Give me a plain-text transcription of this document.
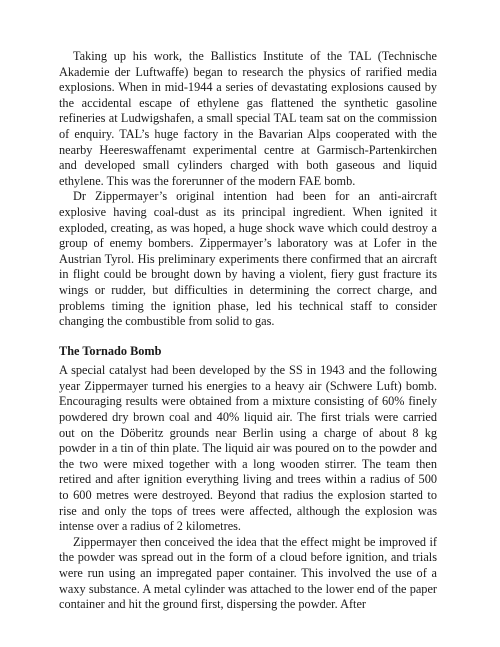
Taking up his work, the Ballistics Institute of the TAL (Technische Akademie der Luftwaffe) began to research the physics of rarified media explosions. When in mid-1944 a series of devastating explosions caused by the accidental escape of ethylene gas flattened the synthetic gasoline refineries at Ludwigshafen, a small special TAL team sat on the commission of enquiry. TAL’s huge factory in the Bavarian Alps cooperated with the nearby Heereswaffenamt experimental centre at Garmisch-Partenkirchen and developed small cylinders charged with both gaseous and liquid ethylene. This was the forerunner of the modern FAE bomb.

Dr Zippermayer’s original intention had been for an anti-aircraft explosive having coal-dust as its principal ingredient. When ignited it exploded, creating, as was hoped, a huge shock wave which could destroy a group of enemy bombers. Zippermayer’s laboratory was at Lofer in the Austrian Tyrol. His preliminary experiments there confirmed that an aircraft in flight could be brought down by having a violent, fiery gust fracture its wings or rudder, but difficulties in determining the correct charge, and problems timing the ignition phase, led his technical staff to consider changing the combustible from solid to gas.

The Tornado Bomb

A special catalyst had been developed by the SS in 1943 and the following year Zippermayer turned his energies to a heavy air (Schwere Luft) bomb. Encouraging results were obtained from a mixture consisting of 60% finely powdered dry brown coal and 40% liquid air. The first trials were carried out on the Döberitz grounds near Berlin using a charge of about 8 kg powder in a tin of thin plate. The liquid air was poured on to the powder and the two were mixed together with a long wooden stirrer. The team then retired and after ignition everything living and trees within a radius of 500 to 600 metres were destroyed. Beyond that radius the explosion started to rise and only the tops of trees were affected, although the explosion was intense over a radius of 2 kilometres.

Zippermayer then conceived the idea that the effect might be improved if the powder was spread out in the form of a cloud before ignition, and trials were run using an impregated paper container. This involved the use of a waxy substance. A metal cylinder was attached to the lower end of the paper container and hit the ground first, dispersing the powder. After
